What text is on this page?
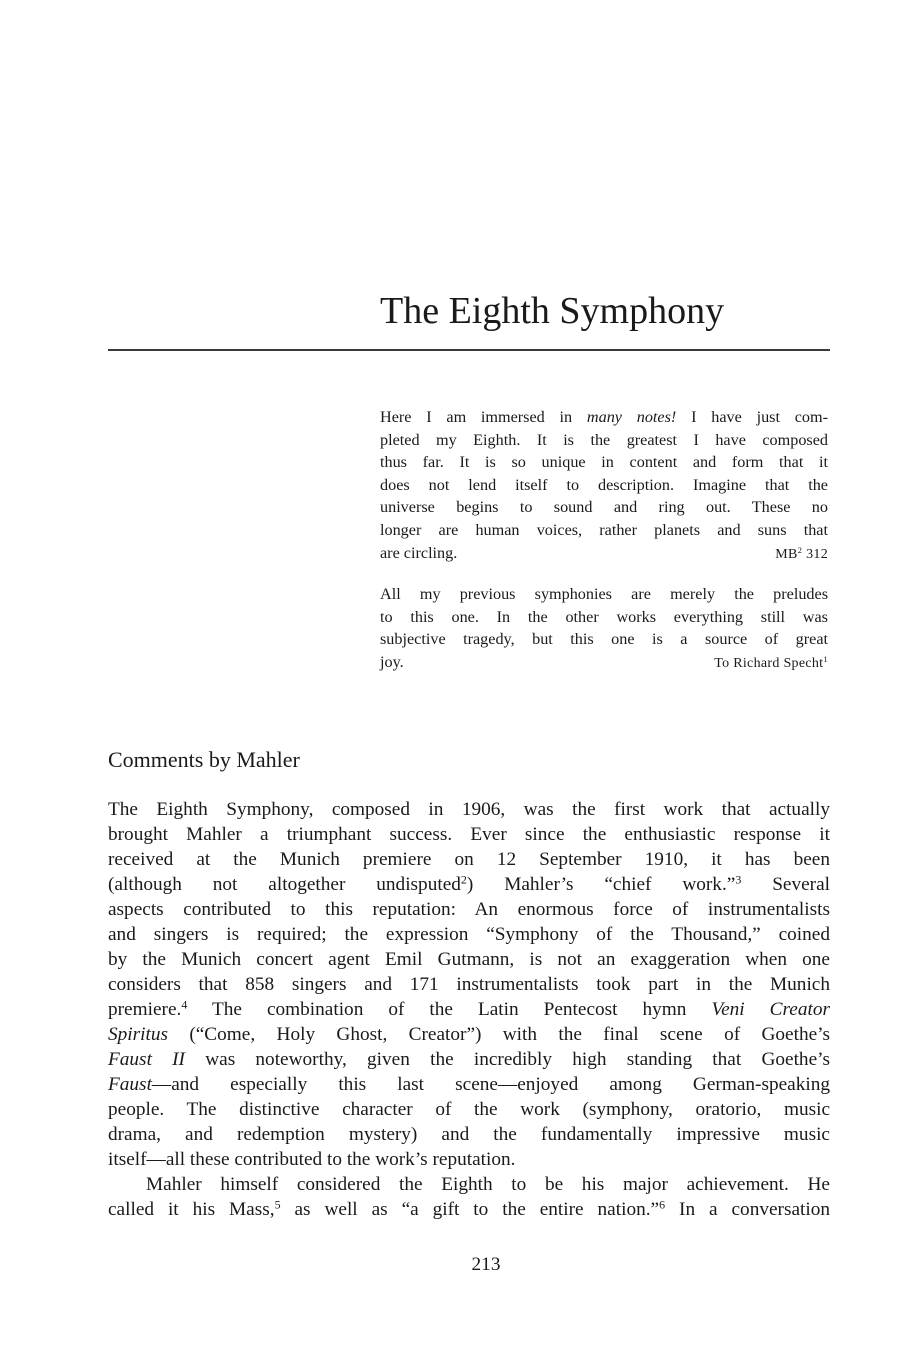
The Eighth Symphony
Here I am immersed in many notes! I have just com-
pleted my Eighth. It is the greatest I have composed
thus far. It is so unique in content and form that it
does not lend itself to description. Imagine that the
universe begins to sound and ring out. These no
longer are human voices, rather planets and suns that
are circling.	$MB^2$ 312
All my previous symphonies are merely the preludes
to this one. In the other works everything still was
subjective tragedy, but this one is a source of great
joy.	To Richard Specht$^1$
Comments by Mahler
The Eighth Symphony, composed in 1906, was the first work that actually
brought Mahler a triumphant success. Ever since the enthusiastic response it
received at the Munich premiere on 12 September 1910, it has been
(although not altogether undisputed$^2$) Mahler’s “chief work.”$^3$ Several
aspects contributed to this reputation: An enormous force of instrumentalists
and singers is required; the expression “Symphony of the Thousand,” coined
by the Munich concert agent Emil Gutmann, is not an exaggeration when one
considers that 858 singers and 171 instrumentalists took part in the Munich
premiere.$^4$ The combination of the Latin Pentecost hymn Veni Creator
Spiritus (“Come, Holy Ghost, Creator”) with the final scene of Goethe’s
Faust II was noteworthy, given the incredibly high standing that Goethe’s
Faust—and especially this last scene—enjoyed among German-speaking
people. The distinctive character of the work (symphony, oratorio, music
drama, and redemption mystery) and the fundamentally impressive music
itself—all these contributed to the work’s reputation.
Mahler himself considered the Eighth to be his major achievement. He
called it his Mass,$^5$ as well as “a gift to the entire nation.”$^6$ In a conversation
213
